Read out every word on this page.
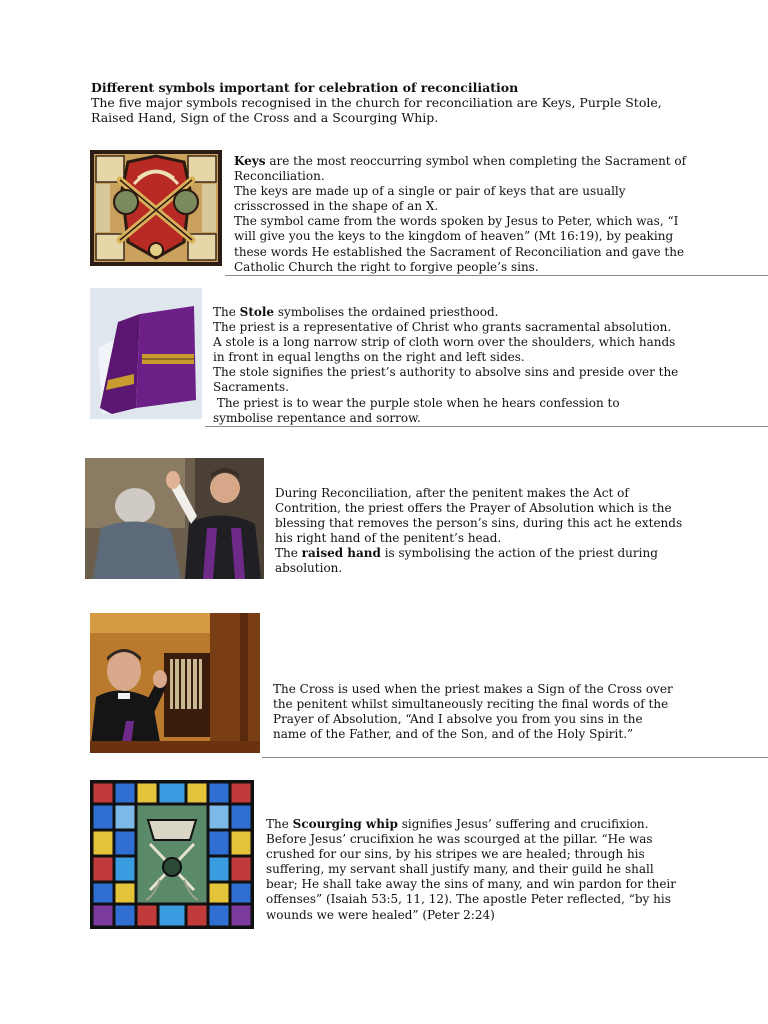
Different symbols important for celebration of reconciliation
The five major symbols recognised in the church for reconciliation are Keys, Purple Stole, Raised Hand, Sign of the Cross and a Scourging Whip.

Keys are the most reoccurring symbol when completing the Sacrament of Reconciliation.

The keys are made up of a single or pair of keys that are usually crisscrossed in the shape of an X.

The symbol came from the words spoken by Jesus to Peter, which was, “I will give you the keys to the kingdom of heaven” (Mt 16:19), by peaking these words He established the Sacrament of Reconciliation and gave the Catholic Church the right to forgive people’s sins.

The Stole symbolises the ordained priesthood.

The priest is a representative of Christ who grants sacramental absolution.

A stole is a long narrow strip of cloth worn over the shoulders, which hands in front in equal lengths on the right and left sides.

The stole signifies the priest’s authority to absolve sins and preside over the Sacraments.

The priest is to wear the purple stole when he hears confession to symbolise repentance and sorrow.

During Reconciliation, after the penitent makes the Act of Contrition, the priest offers the Prayer of Absolution which is the blessing that removes the person’s sins, during this act he extends his right hand of the penitent’s head.

The raised hand is symbolising the action of the priest during absolution.

The Cross is used when the priest makes a Sign of the Cross over the penitent whilst simultaneously reciting the final words of the Prayer of Absolution, “And I absolve you from you sins in the name of the Father, and of the Son, and of the Holy Spirit.”

The Scourging whip signifies Jesus’ suffering and crucifixion. Before Jesus’ crucifixion he was scourged at the pillar. “He was crushed for our sins, by his stripes we are healed; through his suffering, my servant shall justify many, and their guild he shall bear; He shall take away the sins of many, and win pardon for their offenses” (Isaiah 53:5, 11, 12). The apostle Peter reflected, “by his wounds we were healed” (Peter 2:24)
